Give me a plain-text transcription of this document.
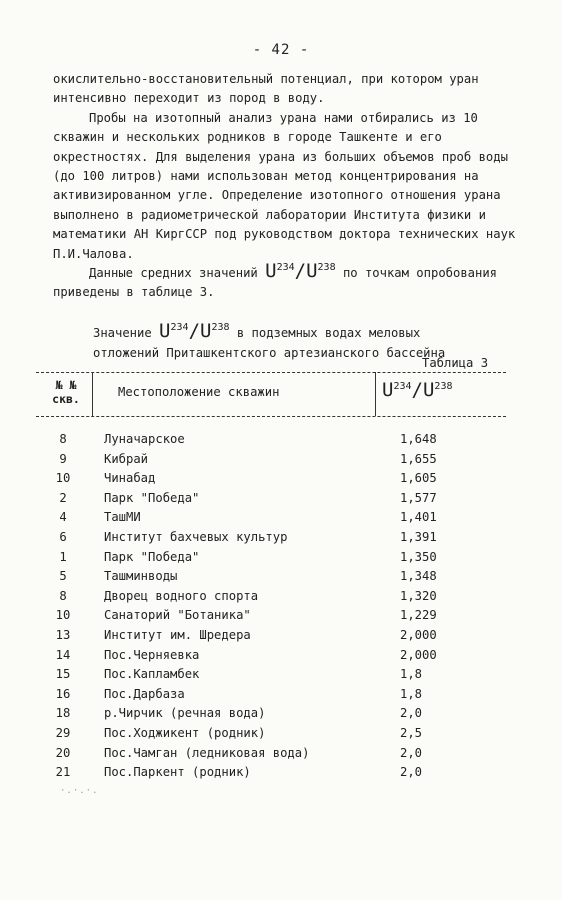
- 42 -

окислительно-восстановительный потенциал, при котором уран интенсивно переходит из пород в воду.

Пробы на изотопный анализ урана нами отбирались из 10 скважин и нескольких родников в городе Ташкенте и его окрестностях. Для выделения урана из больших объемов проб воды (до 100 литров) нами использован метод концентрирования на активизированном угле. Определение изотопного отношения урана выполнено в радиометрической лаборатории Института физики и математики АН КиргССР под руководством доктора технических наук П.И.Чалова.

Данные средних значений $U^{234}/U^{238}$ по точкам опробования приведены в таблице 3.

Значение $U^{234}/U^{238}$ в подземных водах меловых
отложений Приташкентского артезианского бассейна
Таблица 3
№ №
скв.	Местоположение скважин	$U^{234}/U^{238}$
8	Луначарское	1,648
9	Кибрай	1,655
10	Чинабад	1,605
2	Парк "Победа"	1,577
4	ТашМИ	1,401
6	Институт бахчевых культур	1,391
1	Парк "Победа"	1,350
5	Ташминводы	1,348
8	Дворец водного спорта	1,320
10	Санаторий "Ботаника"	1,229
13	Институт им. Шредера	2,000
14	Пос.Черняевка	2,000
15	Пос.Капламбек	1,8
16	Пос.Дарбаза	1,8
18	р.Чирчик (речная вода)	2,0
29	Пос.Ходжикент (родник)	2,5
20	Пос.Чамган (ледниковая вода)	2,0
21	Пос.Паркент (родник)	2,0
·.·.·.
